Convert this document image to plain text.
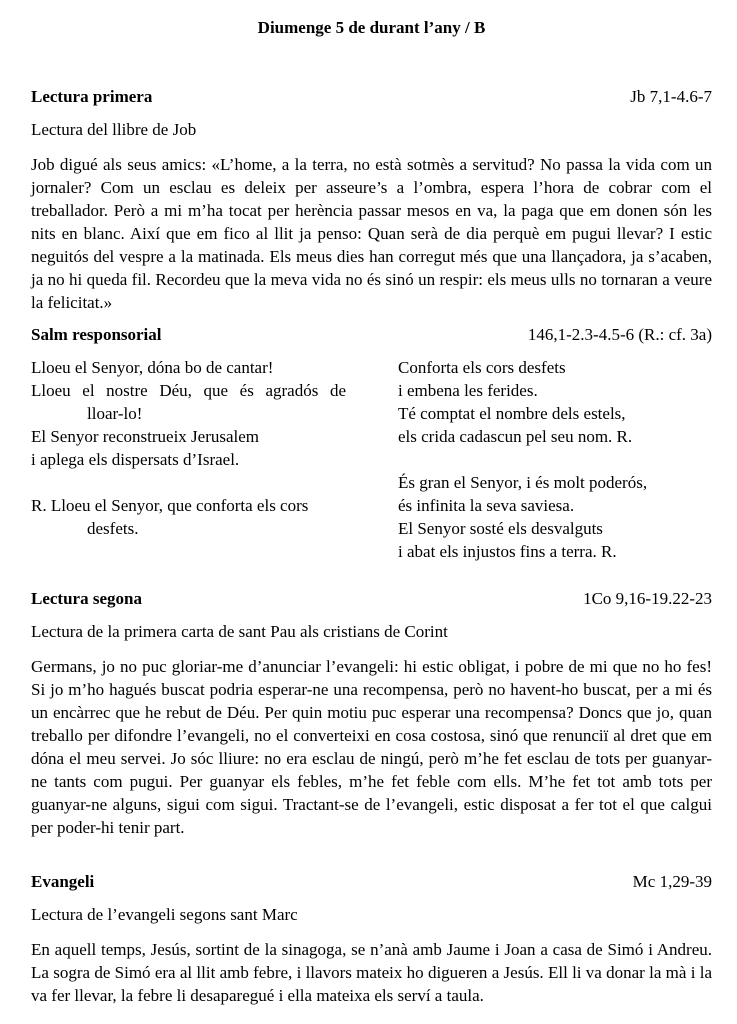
Diumenge 5 de durant l’any / B
Lectura primera	Jb 7,1-4.6-7
Lectura del llibre de Job
Job digué als seus amics: «L’home, a la terra, no està sotmès a servitud? No passa la vida com un jornaler? Com un esclau es deleix per asseure’s a l’ombra, espera l’hora de cobrar com el treballador. Però a mi m’ha tocat per herència passar mesos en va, la paga que em donen són les nits en blanc. Així que em fico al llit ja penso: Quan serà de dia perquè em pugui llevar? I estic neguitós del vespre a la matinada. Els meus dies han corregut més que una llançadora, ja s’acaben, ja no hi queda fil. Recordeu que la meva vida no és sinó un respir: els meus ulls no tornaran a veure la felicitat.»
Salm responsorial	146,1-2.3-4.5-6 (R.: cf. 3a)
Lloeu el Senyor, dóna bo de cantar!
Lloeu el nostre Déu, que és agradós de
lloar-lo!
El Senyor reconstrueix Jerusalem
i aplega els dispersats d’Israel.
R. Lloeu el Senyor, que conforta els cors
desfets.
Conforta els cors desfets
i embena les ferides.
Té comptat el nombre dels estels,
els crida cadascun pel seu nom. R.
És gran el Senyor, i és molt poderós,
és infinita la seva saviesa.
El Senyor sosté els desvalguts
i abat els injustos fins a terra. R.
Lectura segona	1Co 9,16-19.22-23
Lectura de la primera carta de sant Pau als cristians de Corint
Germans, jo no puc gloriar-me d’anunciar l’evangeli: hi estic obligat, i pobre de mi que no ho fes! Si jo m’ho hagués buscat podria esperar-ne una recompensa, però no havent-ho buscat, per a mi és un encàrrec que he rebut de Déu. Per quin motiu puc esperar una recompensa? Doncs que jo, quan treballo per difondre l’evangeli, no el converteixi en cosa costosa, sinó que renunciï al dret que em dóna el meu servei. Jo sóc lliure: no era esclau de ningú, però m’he fet esclau de tots per guanyar-ne tants com pugui. Per guanyar els febles, m’he fet feble com ells. M’he fet tot amb tots per guanyar-ne alguns, sigui com sigui. Tractant-se de l’evangeli, estic disposat a fer tot el que calgui per poder-hi tenir part.
Evangeli	Mc 1,29-39
Lectura de l’evangeli segons sant Marc
En aquell temps, Jesús, sortint de la sinagoga, se n’anà amb Jaume i Joan a casa de Simó i Andreu. La sogra de Simó era al llit amb febre, i llavors mateix ho digueren a Jesús. Ell li va donar la mà i la va fer llevar, la febre li desaparegué i ella mateixa els serví a taula.
